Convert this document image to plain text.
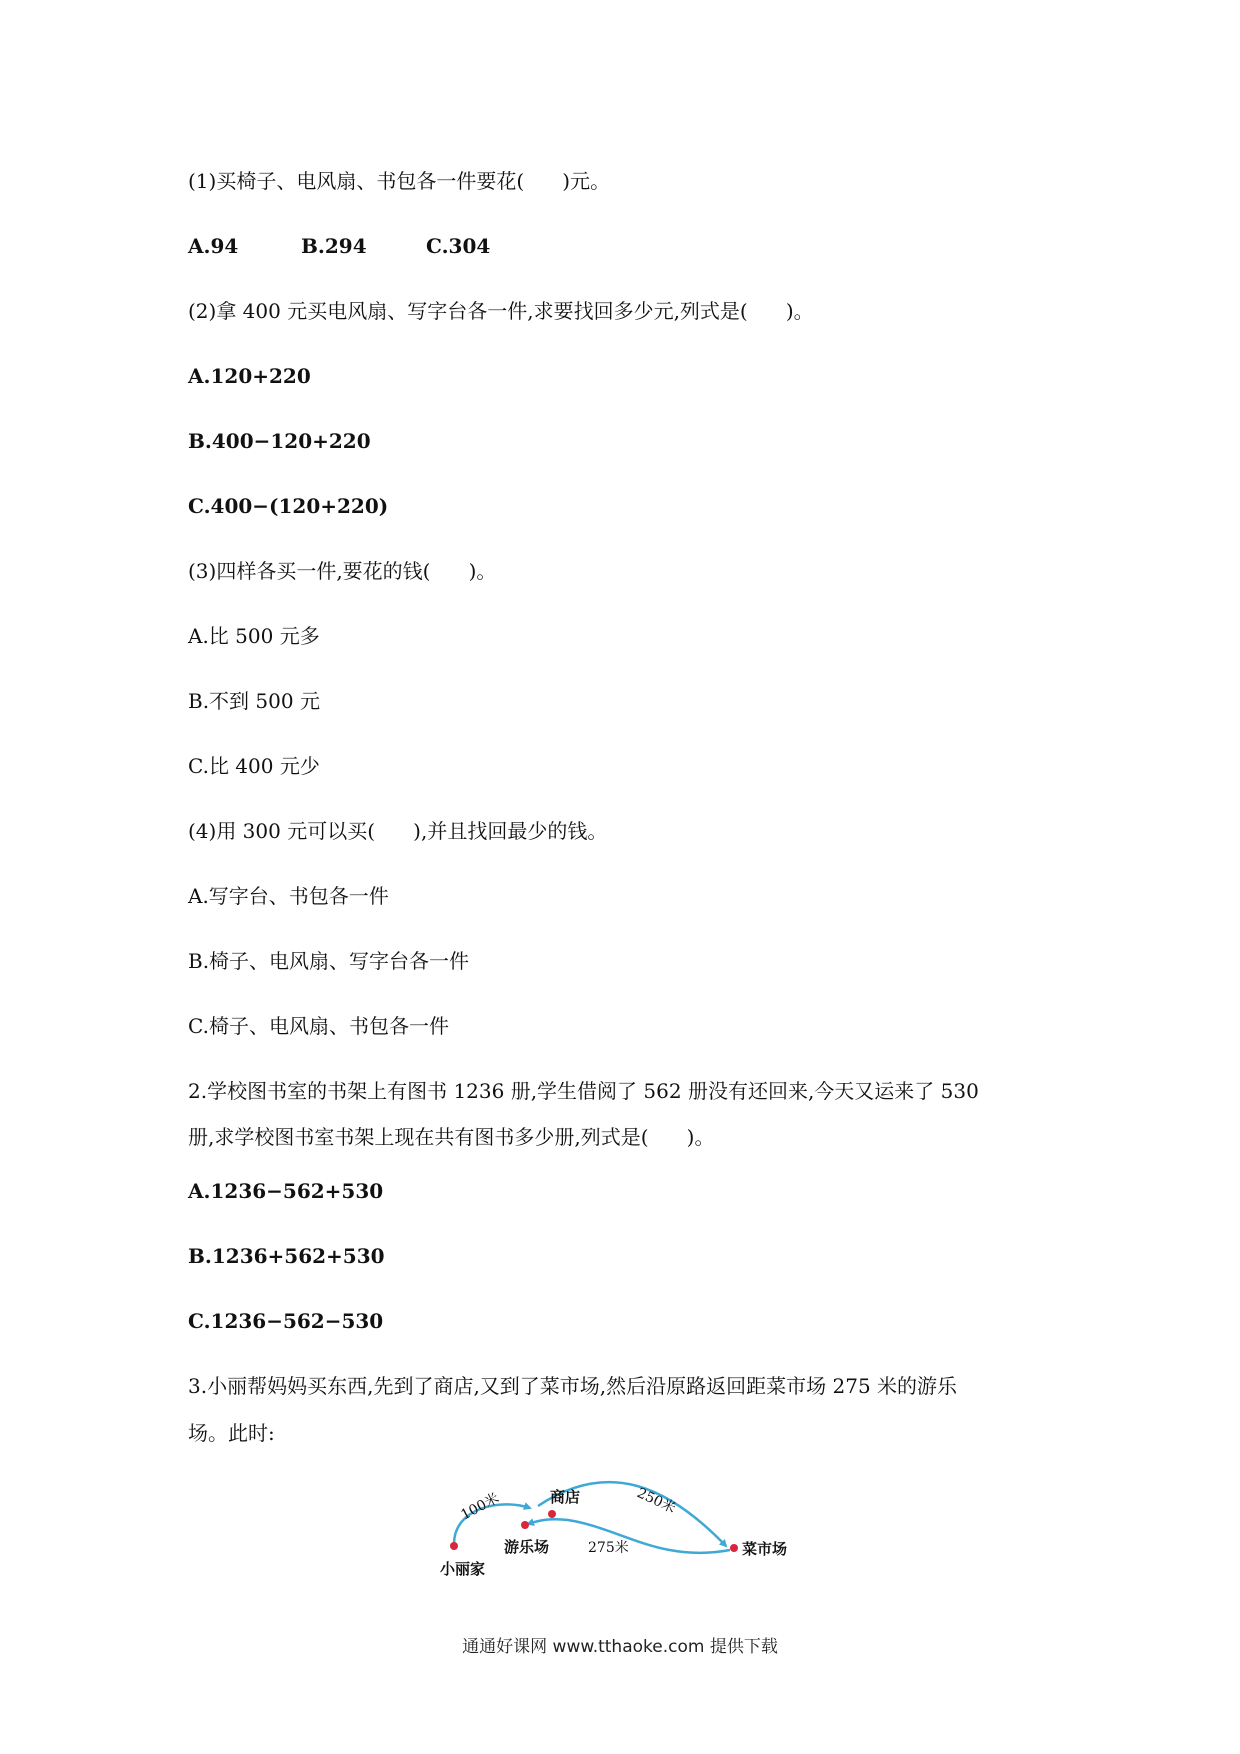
(1)买椅子、电风扇、书包各一件要花(      )元。

A.94

	B.294

	C.304

(2)拿 400 元买电风扇、写字台各一件,求要找回多少元,列式是(      )。
A.120+220
B.400−120+220
C.400−(120+220)
(3)四样各买一件,要花的钱(      )。
A.比 500 元多
B.不到 500 元
C.比 400 元少
(4)用 300 元可以买(      ),并且找回最少的钱。
A.写字台、书包各一件
B.椅子、电风扇、写字台各一件
C.椅子、电风扇、书包各一件
2.学校图书室的书架上有图书 1236 册,学生借阅了 562 册没有还回来,今天又运来了 530
册,求学校图书室书架上现在共有图书多少册,列式是(      )。
A.1236−562+530
B.1236+562+530
C.1236−562−530
3.小丽帮妈妈买东西,先到了商店,又到了菜市场,然后沿原路返回距菜市场 275 米的游乐
场。此时:
小丽家
游乐场
商店
菜市场
100米	250米
275米
通通好课网 www.tthaoke.com 提供下载
